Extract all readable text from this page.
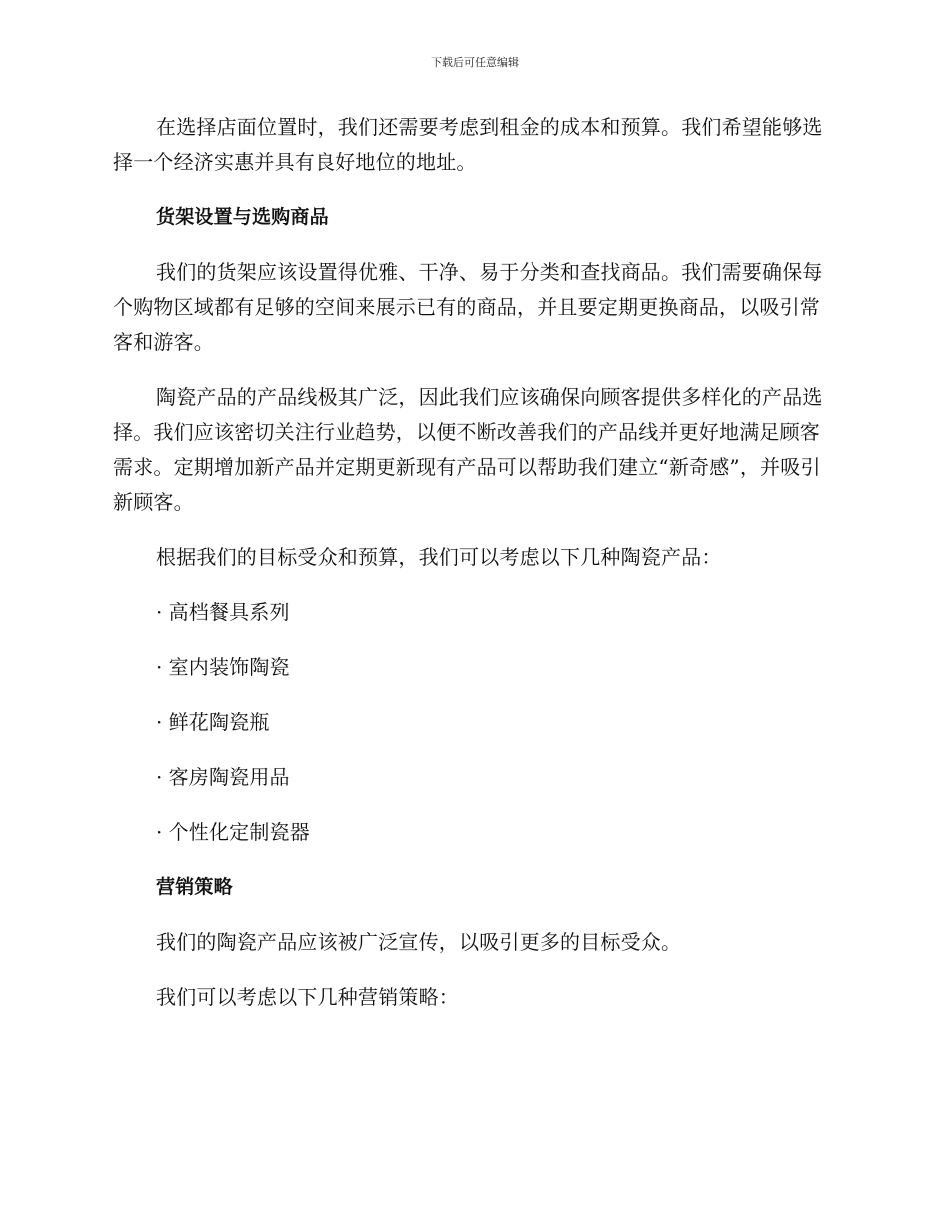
下载后可任意编辑

在选择店面位置时，我们还需要考虑到租金的成本和预算。我们希望能够选择一个经济实惠并具有良好地位的地址。

货架设置与选购商品

我们的货架应该设置得优雅、干净、易于分类和查找商品。我们需要确保每个购物区域都有足够的空间来展示已有的商品，并且要定期更换商品，以吸引常客和游客。

陶瓷产品的产品线极其广泛，因此我们应该确保向顾客提供多样化的产品选择。我们应该密切关注行业趋势，以便不断改善我们的产品线并更好地满足顾客需求。定期增加新产品并定期更新现有产品可以帮助我们建立“新奇感”，并吸引新顾客。

根据我们的目标受众和预算，我们可以考虑以下几种陶瓷产品：

· 高档餐具系列

· 室内装饰陶瓷

· 鲜花陶瓷瓶

· 客房陶瓷用品

· 个性化定制瓷器

营销策略

我们的陶瓷产品应该被广泛宣传，以吸引更多的目标受众。

我们可以考虑以下几种营销策略：
